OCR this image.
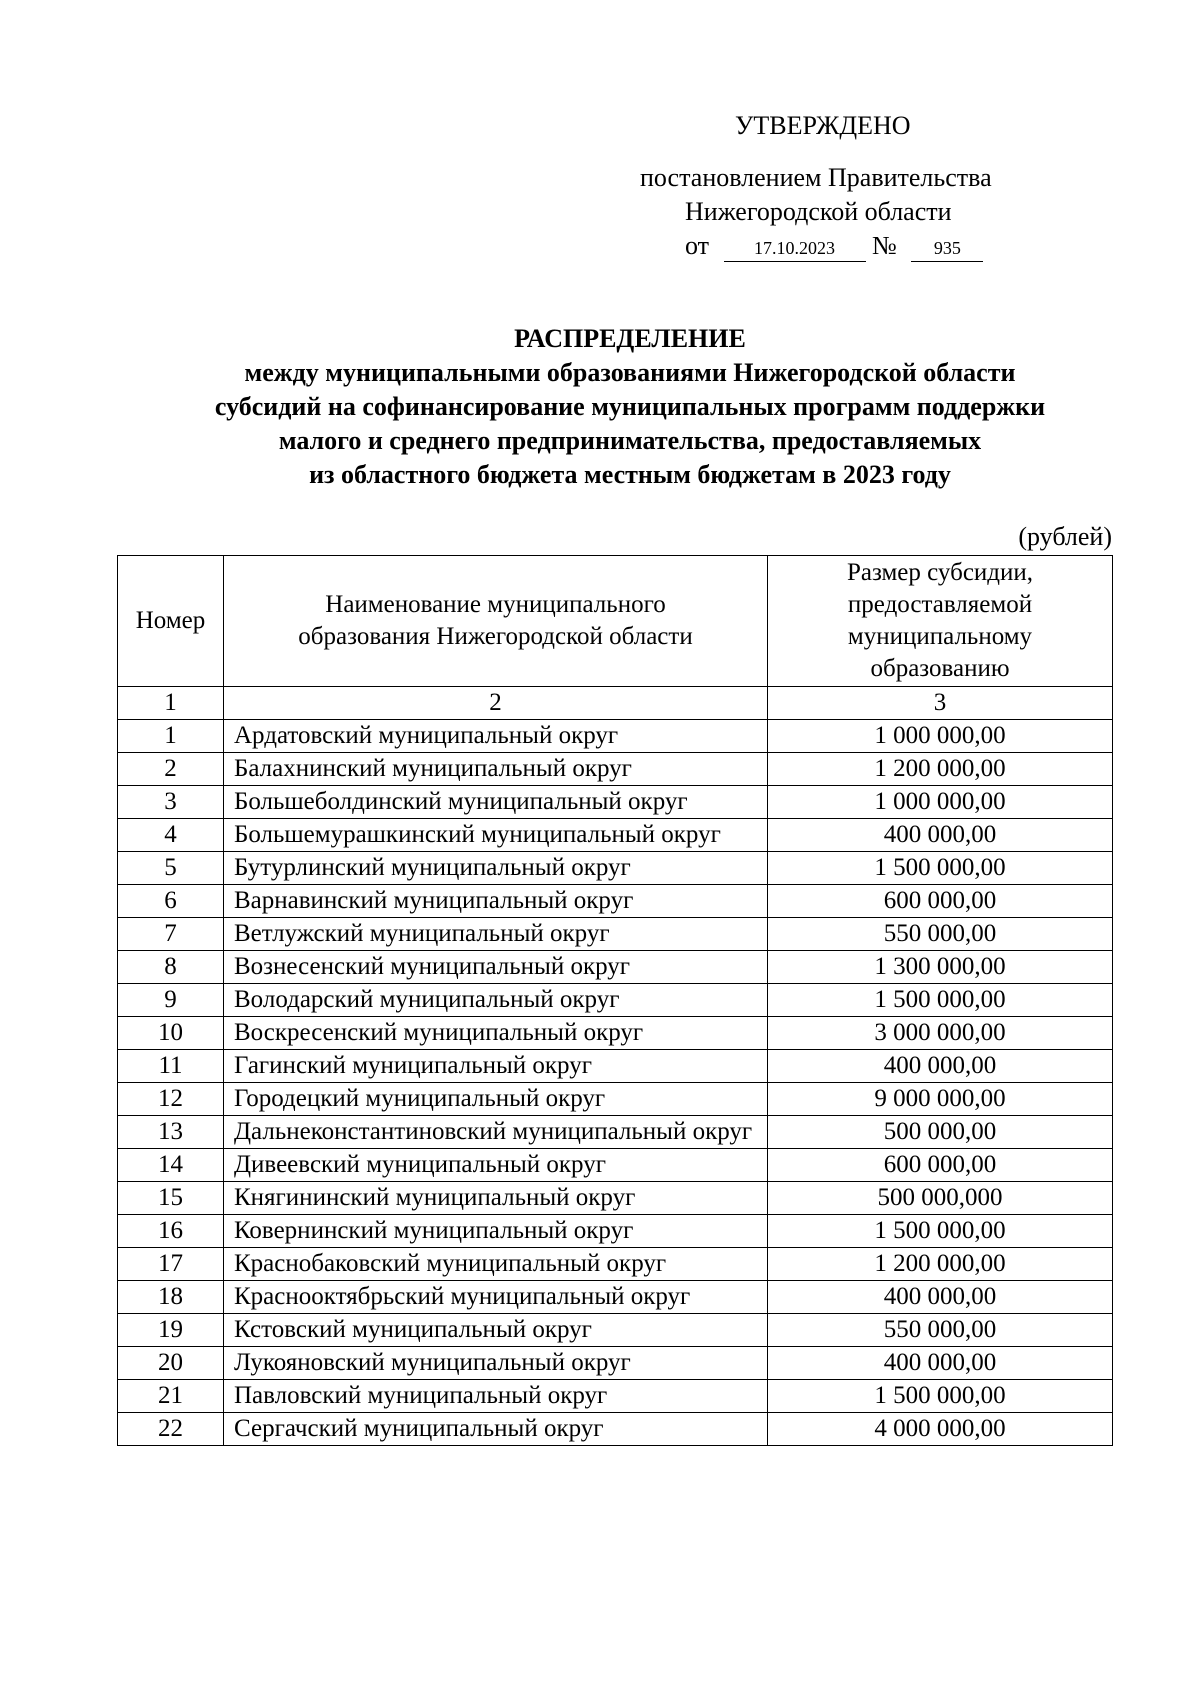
УТВЕРЖДЕНО
постановлением Правительства
Нижегородской области
от	17.10.2023 № 935
РАСПРЕДЕЛЕНИЕ
между муниципальными образованиями Нижегородской области
субсидий на софинансирование муниципальных программ поддержки
малого и среднего предпринимательства, предоставляемых
из областного бюджета местным бюджетам в 2023 году
(рублей)
Номер	Наименование муниципального образования Нижегородской области	Размер субсидии, предоставляемой муниципальному образованию

1	2	3
1	Ардатовский муниципальный округ	1 000 000,00
2	Балахнинский муниципальный округ	1 200 000,00
3	Большеболдинский муниципальный округ	1 000 000,00
4	Большемурашкинский муниципальный округ	400 000,00
5	Бутурлинский муниципальный округ	1 500 000,00
6	Варнавинский муниципальный округ	600 000,00
7	Ветлужский муниципальный округ	550 000,00
8	Вознесенский муниципальный округ	1 300 000,00
9	Володарский муниципальный округ	1 500 000,00
10	Воскресенский муниципальный округ	3 000 000,00
11	Гагинский муниципальный округ	400 000,00
12	Городецкий муниципальный округ	9 000 000,00
13	Дальнеконстантиновский муниципальный округ	500 000,00
14	Дивеевский муниципальный округ	600 000,00
15	Княгининский муниципальный округ	500 000,000
16	Ковернинский муниципальный округ	1 500 000,00
17	Краснобаковский муниципальный округ	1 200 000,00
18	Краснооктябрьский муниципальный округ	400 000,00
19	Кстовский муниципальный округ	550 000,00
20	Лукояновский муниципальный округ	400 000,00
21	Павловский муниципальный округ	1 500 000,00
22	Сергачский муниципальный округ	4 000 000,00
